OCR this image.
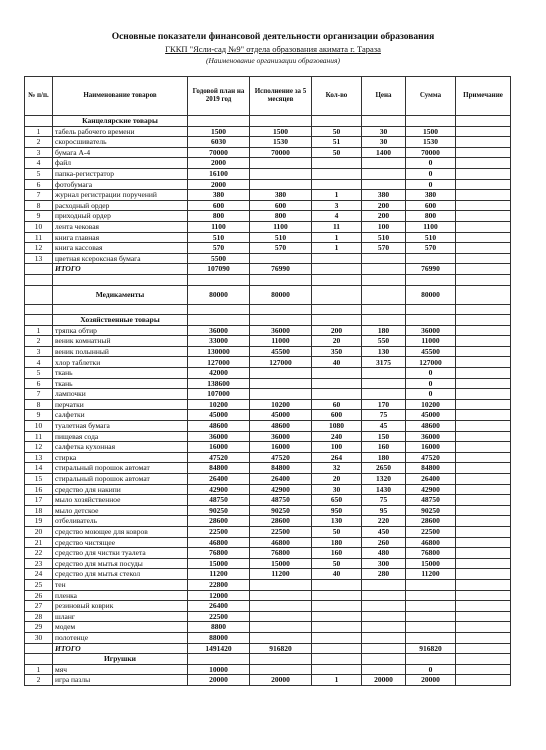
Основные показатели финансовой деятельности организации образования
ГККП "Ясли-сад №9" отдела образования акимата г. Тараза
(Наименование организации образования)
№ п/п.	Наименование товаров	Годовой план на 2019 год	Исполнение за 5 месяцев	Кол-во	Цена	Сумма	Примечание
	Канцелярские товары						
1	табель рабочего времени	1500	1500	50	30	1500	
2	скоросшиватель	6030	1530	51	30	1530	
3	бумага А-4	70000	70000	50	1400	70000	
4	файл	2000				0	
5	папка-регистратор	16100				0	
6	фотобумага	2000				0	
7	журнал регистрации поручений	380	380	1	380	380	
8	расходный ордер	600	600	3	200	600	
9	приходный ордер	800	800	4	200	800	
10	лента чековая	1100	1100	11	100	1100	
11	книга главная	510	510	1	510	510	
12	книга кассовая	570	570	1	570	570	
13	цветная ксероксная бумага	5500					
	ИТОГО	107090	76990			76990	

	Медикаменты	80000	80000			80000	

	Хозяйственные товары						
1	тряпка обтир	36000	36000	200	180	36000	
2	веник комнатный	33000	11000	20	550	11000	
3	веник полынный	130000	45500	350	130	45500	
4	хлор таблетки	127000	127000	40	3175	127000	
5	ткань	42000				0	
6	ткань	138600				0	
7	лампочки	107000				0	
8	перчатки	10200	10200	60	170	10200	
9	салфетки	45000	45000	600	75	45000	
10	туалетная бумага	48600	48600	1080	45	48600	
11	пищевая сода	36000	36000	240	150	36000	
12	салфетка кухонная	16000	16000	100	160	16000	
13	стирка	47520	47520	264	180	47520	
14	стиральный порошок автомат	84800	84800	32	2650	84800	
15	стиральный порошок автомат	26400	26400	20	1320	26400	
16	средство для накипи	42900	42900	30	1430	42900	
17	мыло хозяйственное	48750	48750	650	75	48750	
18	мыло детское	90250	90250	950	95	90250	
19	отбеливатель	28600	28600	130	220	28600	
20	средство моющее для ковров	22500	22500	50	450	22500	
21	средство чистящее	46800	46800	180	260	46800	
22	средство для чистки туалета	76800	76800	160	480	76800	
23	средство для мытья посуды	15000	15000	50	300	15000	
24	средство для мытья стекол	11200	11200	40	280	11200	
25	тен	22800					
26	пленка	12000					
27	резиновый коврик	26400					
28	шланг	22500					
29	модем	8800					
30	полотенце	88000					
	ИТОГО	1491420	916820			916820	
	Игрушки						
1	мяч	10000				0	
2	игра пазлы	20000	20000	1	20000	20000	
